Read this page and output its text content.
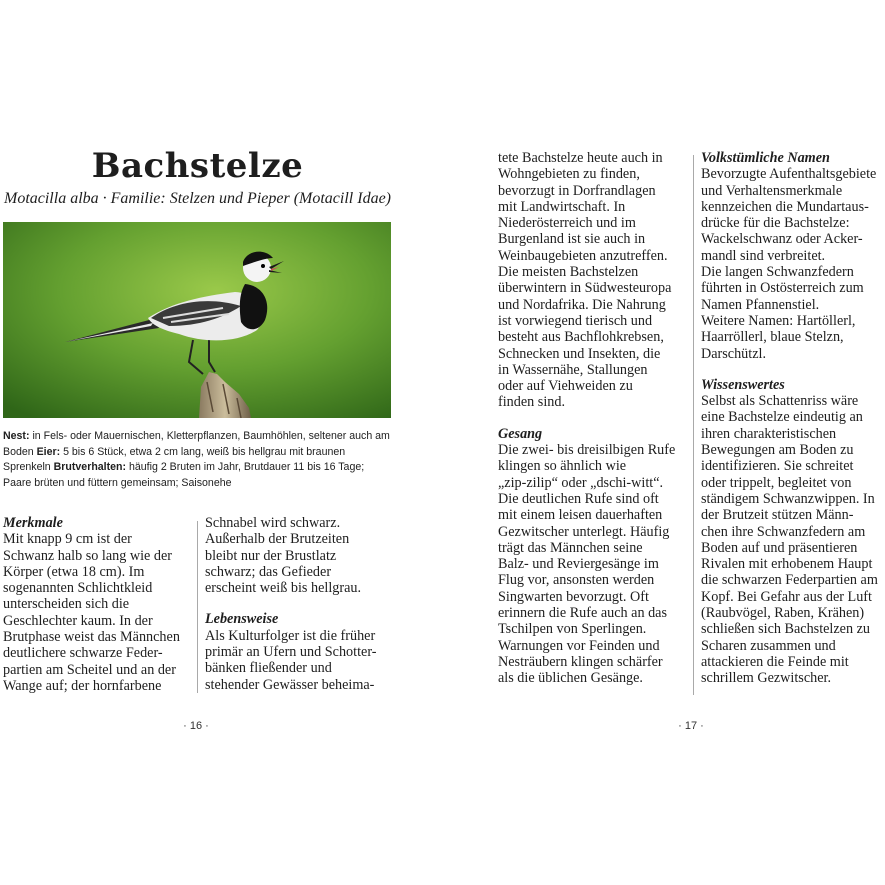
Bachstelze
Motacilla alba · Familie: Stelzen und Pieper (Motacill Idae)
Nest: in Fels- oder Mauernischen, Kletterpflanzen, Baumhöhlen, seltener auch am Boden Eier: 5 bis 6 Stück, etwa 2 cm lang, weiß bis hellgrau mit braunen Sprenkeln Brutverhalten: häufig 2 Bruten im Jahr, Brutdauer 11 bis 16 Tage; Paare brüten und füttern gemeinsam; Saisonehe

Merkmale

Mit knapp 9 cm ist der

Schwanz halb so lang wie der

Körper (etwa 18 cm). Im

sogenannten Schlichtkleid

unterscheiden sich die

Geschlechter kaum. In der

Brutphase weist das Männchen

deutlichere schwarze Feder-

partien am Scheitel und an der

Wange auf; der hornfarbene

Schnabel wird schwarz.

Außerhalb der Brutzeiten

bleibt nur der Brustlatz

schwarz; das Gefieder

erscheint weiß bis hellgrau.

Lebensweise

Als Kulturfolger ist die früher

primär an Ufern und Schotter-

bänken fließender und

stehender Gewässer beheima-

· 16 ·

tete Bachstelze heute auch in

Wohngebieten zu finden,

bevorzugt in Dorfrandlagen

mit Landwirtschaft. In

Niederösterreich und im

Burgenland ist sie auch in

Weinbaugebieten anzutreffen.

Die meisten Bachstelzen

überwintern in Südwesteuropa

und Nordafrika. Die Nahrung

ist vorwiegend tierisch und

besteht aus Bachflohkrebsen,

Schnecken und Insekten, die

in Wassernähe, Stallungen

oder auf Viehweiden zu

finden sind.

Gesang

Die zwei- bis dreisilbigen Rufe

klingen so ähnlich wie

„zip-zilip“ oder „dschi-witt“.

Die deutlichen Rufe sind oft

mit einem leisen dauerhaften

Gezwitscher unterlegt. Häufig

trägt das Männchen seine

Balz- und Reviergesänge im

Flug vor, ansonsten werden

Singwarten bevorzugt. Oft

erinnern die Rufe auch an das

Tschilpen von Sperlingen.

Warnungen vor Feinden und

Nesträubern klingen schärfer

als die üblichen Gesänge.

Volkstümliche Namen

Bevorzugte Aufenthaltsgebiete

und Verhaltensmerkmale

kennzeichen die Mundartaus-

drücke für die Bachstelze:

Wackelschwanz oder Acker-

mandl sind verbreitet.

Die langen Schwanzfedern

führten in Ostösterreich zum

Namen Pfannenstiel.

Weitere Namen: Hartöllerl,

Haarröllerl, blaue Stelzn,

Darschützl.

Wissenswertes

Selbst als Schattenriss wäre

eine Bachstelze eindeutig an

ihren charakteristischen

Bewegungen am Boden zu

identifizieren. Sie schreitet

oder trippelt, begleitet von

ständigem Schwanzwippen. In

der Brutzeit stützen Männ-

chen ihre Schwanzfedern am

Boden auf und präsentieren

Rivalen mit erhobenem Haupt

die schwarzen Federpartien am

Kopf. Bei Gefahr aus der Luft

(Raubvögel, Raben, Krähen)

schließen sich Bachstelzen zu

Scharen zusammen und

attackieren die Feinde mit

schrillem Gezwitscher.

· 17 ·
